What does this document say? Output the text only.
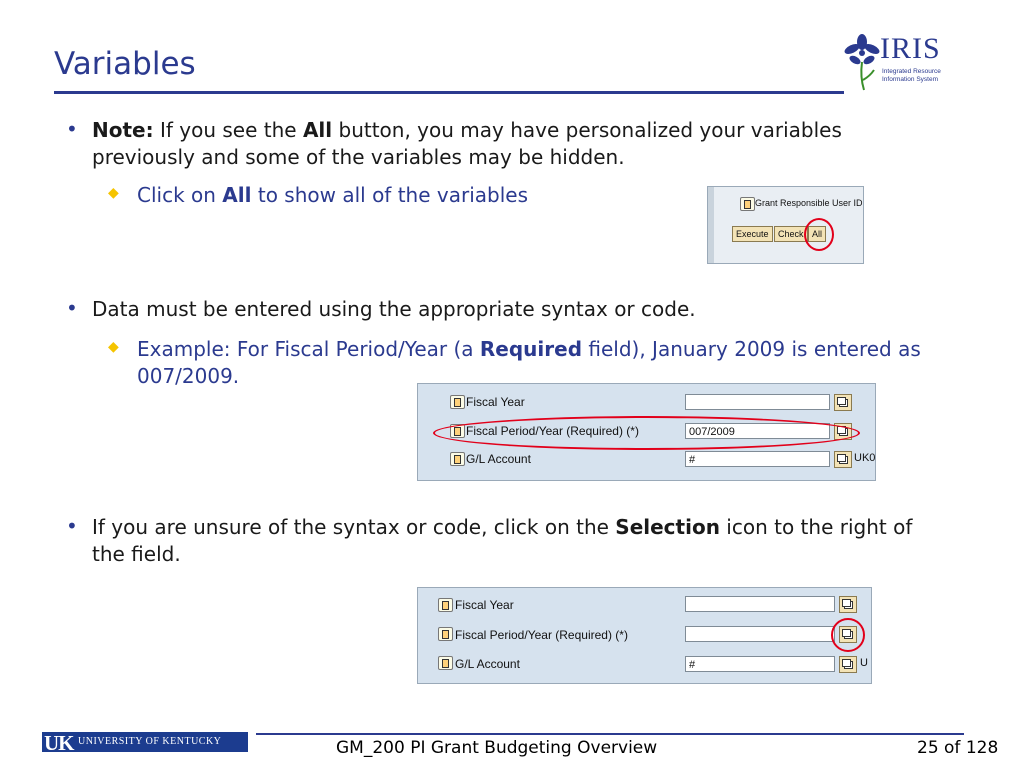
Variables	IRIS
Integrated Resource
Information System
• Note: If you see the All button, you may have personalized your variables previously and some of the variables may be hidden.
◆ Click on All to show all of the variables	Grant Responsible User ID
Execute	Check All
• Data must be entered using the appropriate syntax or code.
◆ Example: For Fiscal Period/Year (a Required field), January 2009 is entered as 007/2009.
Fiscal Year
Fiscal Period/Year (Required) (*)	007/2009
G/L Account	#	UK0
• If you are unsure of the syntax or code, click on the Selection icon to the right of the field.
Fiscal Year
Fiscal Period/Year (Required) (*)
G/L Account	#	U
UK UNIVERSITY OF KENTUCKY	GM_200 PI Grant Budgeting Overview	25 of 128
